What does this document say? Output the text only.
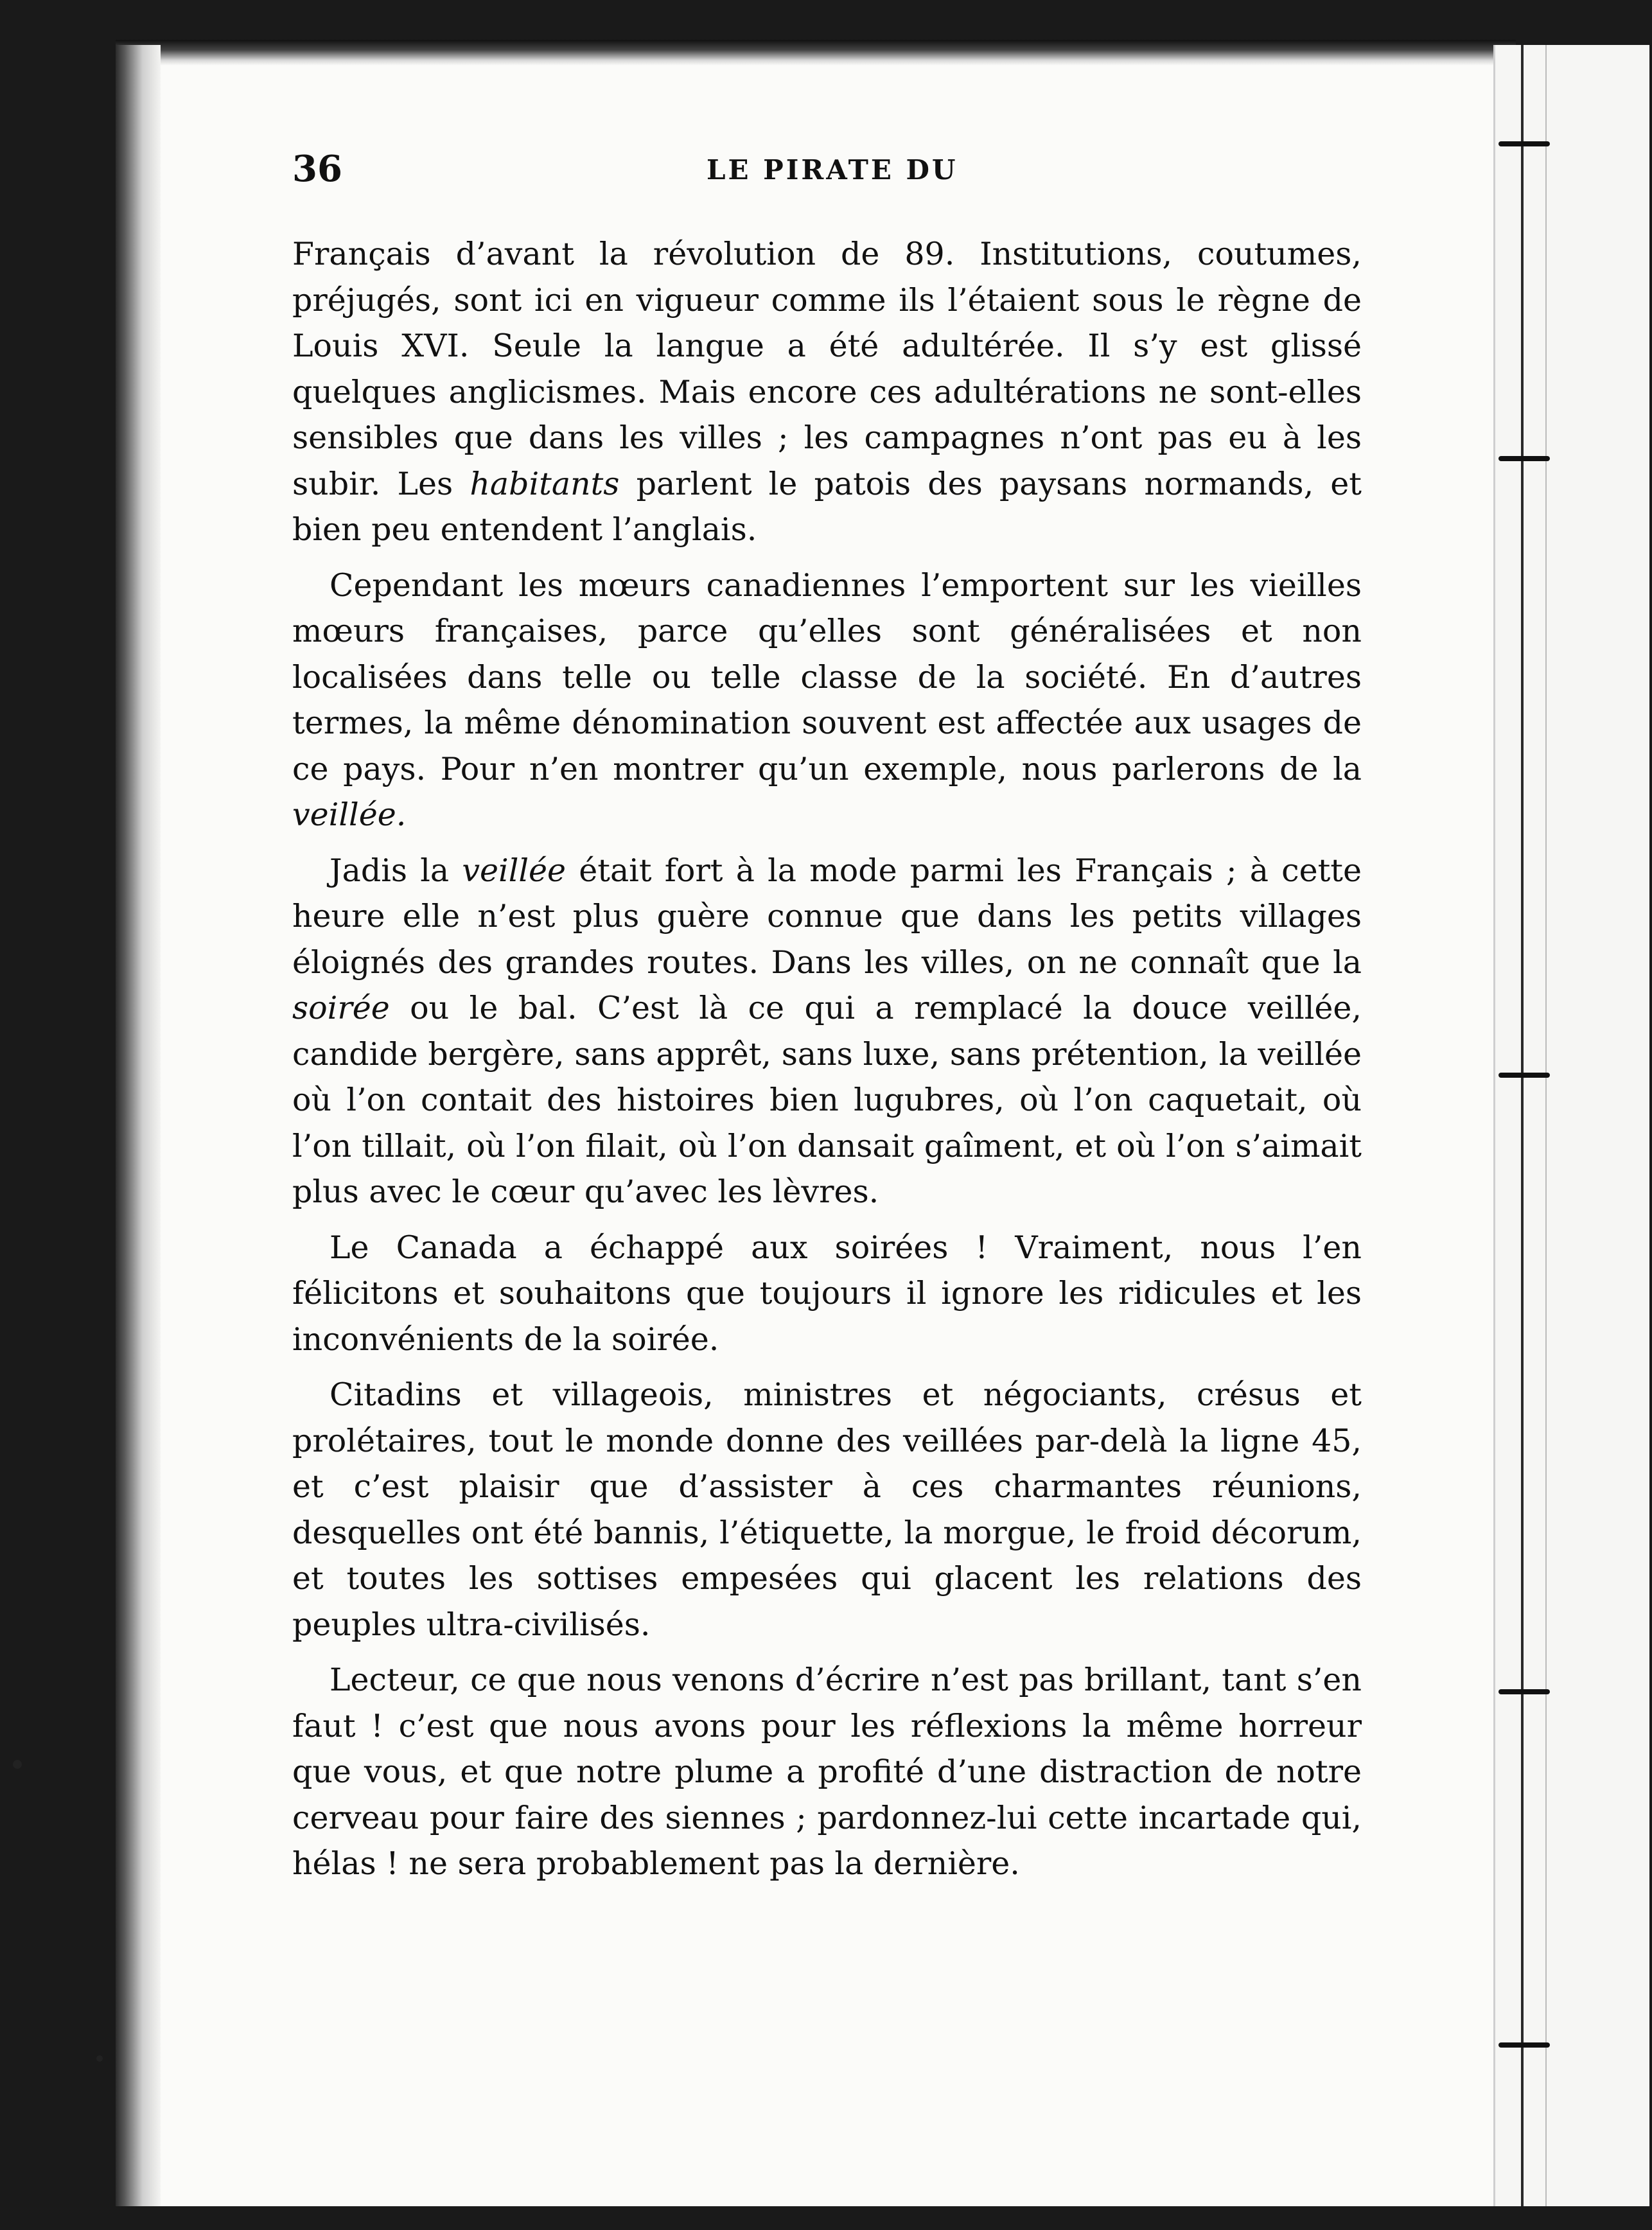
36	LE PIRATE DU

Français d’avant la révolution de 89. Institutions, coutumes, préjugés, sont ici en vigueur comme ils l’étaient sous le règne de Louis XVI. Seule la langue a été adultérée. Il s’y est glissé quelques anglicismes. Mais encore ces adultérations ne sont-elles sensibles que dans les villes ; les campagnes n’ont pas eu à les subir. Les habitants parlent le patois des paysans normands, et bien peu entendent l’anglais.

Cependant les mœurs canadiennes l’emportent sur les vieilles mœurs françaises, parce qu’elles sont généralisées et non localisées dans telle ou telle classe de la société. En d’autres termes, la même dénomination souvent est affectée aux usages de ce pays. Pour n’en montrer qu’un exemple, nous parlerons de la veillée.

Jadis la veillée était fort à la mode parmi les Français ; à cette heure elle n’est plus guère connue que dans les petits villages éloignés des grandes routes. Dans les villes, on ne connaît que la soirée ou le bal. C’est là ce qui a remplacé la douce veillée, candide bergère, sans apprêt, sans luxe, sans prétention, la veillée où l’on contait des histoires bien lugubres, où l’on caquetait, où l’on tillait, où l’on filait, où l’on dansait gaîment, et où l’on s’aimait plus avec le cœur qu’avec les lèvres.

Le Canada a échappé aux soirées ! Vraiment, nous l’en félicitons et souhaitons que toujours il ignore les ridicules et les inconvénients de la soirée.

Citadins et villageois, ministres et négociants, crésus et prolétaires, tout le monde donne des veillées par-delà la ligne 45, et c’est plaisir que d’assister à ces charmantes réunions, desquelles ont été bannis, l’étiquette, la morgue, le froid décorum, et toutes les sottises empesées qui glacent les relations des peuples ultra-civilisés.

Lecteur, ce que nous venons d’écrire n’est pas brillant, tant s’en faut ! c’est que nous avons pour les réflexions la même horreur que vous, et que notre plume a profité d’une distraction de notre cerveau pour faire des siennes ; pardonnez-lui cette incartade qui, hélas ! ne sera probablement pas la dernière.
